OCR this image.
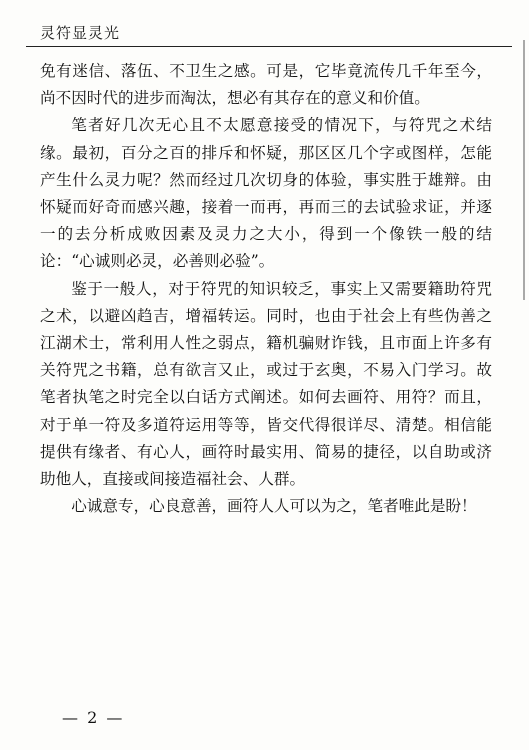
灵符显灵光

免有迷信、落伍、不卫生之感。可是，它毕竟流传几千年至今，尚不因时代的进步而淘汰，想必有其存在的意义和价值。

笔者好几次无心且不太愿意接受的情况下，与符咒之术结缘。最初，百分之百的排斥和怀疑，那区区几个字或图样，怎能产生什么灵力呢？然而经过几次切身的体验，事实胜于雄辩。由怀疑而好奇而感兴趣，接着一而再，再而三的去试验求证，并逐一的去分析成败因素及灵力之大小，得到一个像铁一般的结论：“心诚则必灵，必善则必验”。

鉴于一般人，对于符咒的知识较乏，事实上又需要籍助符咒之术，以避凶趋吉，增福转运。同时，也由于社会上有些伪善之江湖术士，常利用人性之弱点，籍机骗财诈钱，且市面上许多有关符咒之书籍，总有欲言又止，或过于玄奥，不易入门学习。故笔者执笔之时完全以白话方式阐述。如何去画符、用符？而且，对于单一符及多道符运用等等，皆交代得很详尽、清楚。相信能提供有缘者、有心人，画符时最实用、简易的捷径，以自助或济助他人，直接或间接造福社会、人群。

心诚意专，心良意善，画符人人可以为之，笔者唯此是盼！

— 2 —
